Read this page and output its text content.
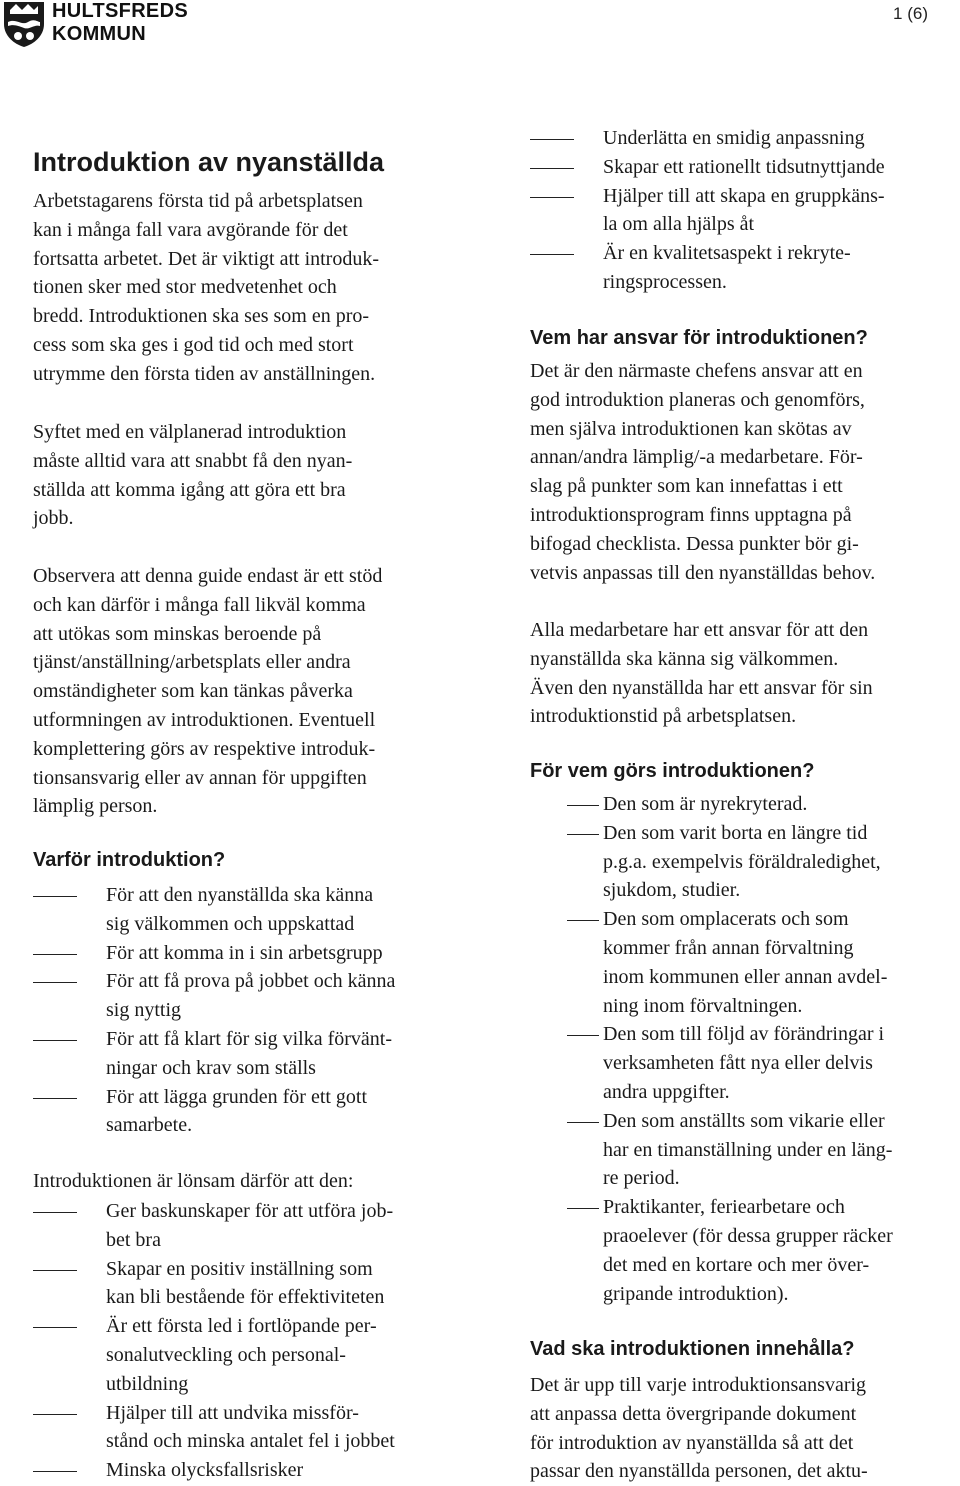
HULTSFREDS
KOMMUN
1 (6)
Introduktion av nyanställda

Arbetstagarens första tid på arbetsplatsen
kan i många fall vara avgörande för det
fortsatta arbetet. Det är viktigt att introduk-
tionen sker med stor medvetenhet och
bredd. Introduktionen ska ses som en pro-
cess som ska ges i god tid och med stort
utrymme den första tiden av anställningen.

Syftet med en välplanerad introduktion
måste alltid vara att snabbt få den nyan-
ställda att komma igång att göra ett bra
jobb.

Observera att denna guide endast är ett stöd
och kan därför i många fall likväl komma
att utökas som minskas beroende på
tjänst/anställning/arbetsplats eller andra
omständigheter som kan tänkas påverka
utformningen av introduktionen. Eventuell
komplettering görs av respektive introduk-
tionsansvarig eller av annan för uppgiften
lämplig person.

Varför introduktion?
För att den nyanställda ska känna
sig välkommen och uppskattad
För att komma in i sin arbetsgrupp
För att få prova på jobbet och känna
sig nyttig
För att få klart för sig vilka förvänt-
ningar och krav som ställs
För att lägga grunden för ett gott
samarbete.

Introduktionen är lönsam därför att den:

Ger baskunskaper för att utföra job-
bet bra
Skapar en positiv inställning som
kan bli bestående för effektiviteten
Är ett första led i fortlöpande per-
sonalutveckling och personal-
utbildning
Hjälper till att undvika missför-
stånd och minska antalet fel i jobbet
Minska olycksfallsrisker
Underlätta en smidig anpassning
Skapar ett rationellt tidsutnyttjande
Hjälper till att skapa en gruppkäns-
la om alla hjälps åt
Är en kvalitetsaspekt i rekryte-
ringsprocessen.
Vem har ansvar för introduktionen?

Det är den närmaste chefens ansvar att en
god introduktion planeras och genomförs,
men själva introduktionen kan skötas av
annan/andra lämplig/-a medarbetare. För-
slag på punkter som kan innefattas i ett
introduktionsprogram finns upptagna på
bifogad checklista. Dessa punkter bör gi-
vetvis anpassas till den nyanställdas behov.

Alla medarbetare har ett ansvar för att den
nyanställda ska känna sig välkommen.
Även den nyanställda har ett ansvar för sin
introduktionstid på arbetsplatsen.

För vem görs introduktionen?
Den som är nyrekryterad.
Den som varit borta en längre tid
p.g.a. exempelvis föräldraledighet,
sjukdom, studier.
Den som omplacerats och som
kommer från annan förvaltning
inom kommunen eller annan avdel-
ning inom förvaltningen.
Den som till följd av förändringar i
verksamheten fått nya eller delvis
andra uppgifter.
Den som anställts som vikarie eller
har en timanställning under en läng-
re period.
Praktikanter, feriearbetare och
praoelever (för dessa grupper räcker
det med en kortare och mer över-
gripande introduktion).
Vad ska introduktionen innehålla?

Det är upp till varje introduktionsansvarig
att anpassa detta övergripande dokument
för introduktion av nyanställda så att det
passar den nyanställda personen, det aktu-
